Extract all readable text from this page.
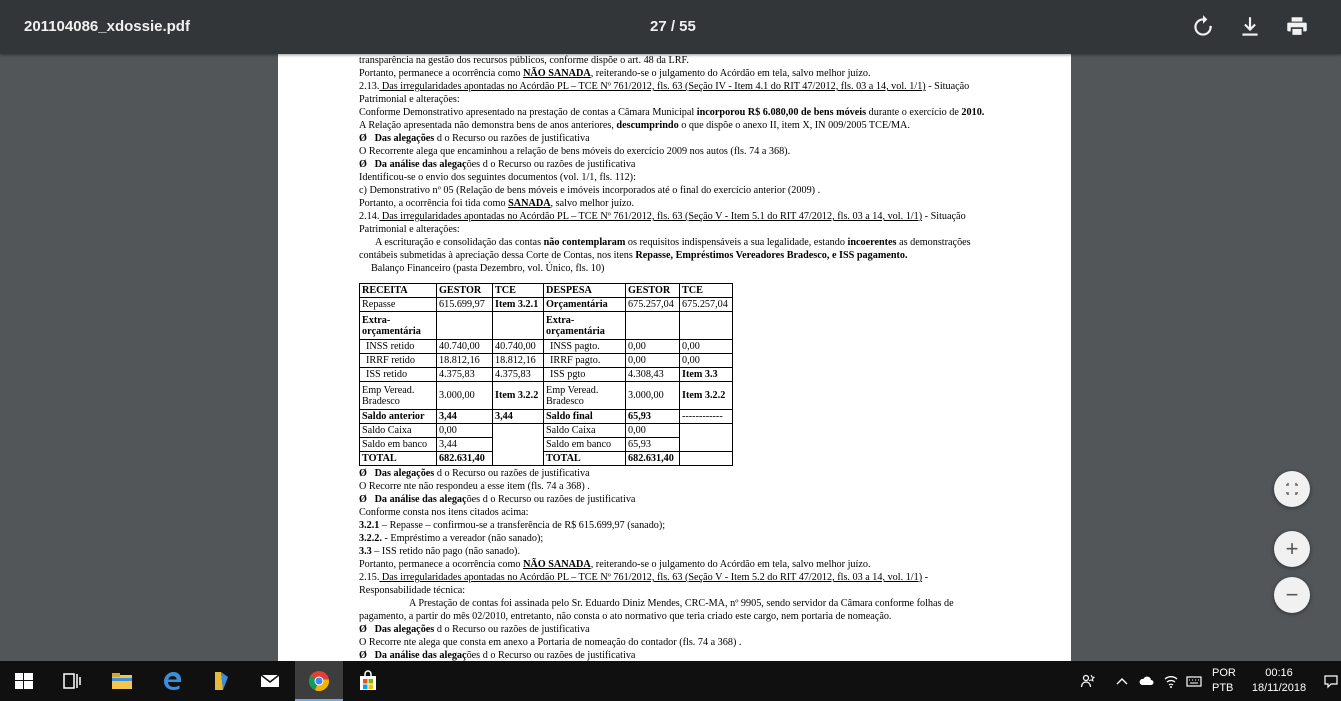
201104086_xdossie.pdf	27 / 55
transparência na gestão dos recursos públicos, conforme dispõe o art. 48 da LRF.
Portanto, permanece a ocorrência como NÃO SANADA, reiterando-se o julgamento do Acórdão em tela, salvo melhor juízo.
2.13. Das irregularidades apontadas no Acórdão PL – TCE Nº 761/2012, fls. 63 (Seção IV - Item 4.1 do RIT 47/2012, fls. 03 a 14, vol. 1/1) - Situação
Patrimonial e alterações:
Conforme Demonstrativo apresentado na prestação de contas a Câmara Municipal incorporou R$ 6.080,00 de bens móveis durante o exercício de 2010.
A Relação apresentada não demonstra bens de anos anteriores, descumprindo o que dispõe o anexo II, item X, IN 009/2005 TCE/MA.
Ø Das alegações d o Recurso ou razões de justificativa
O Recorrente alega que encaminhou a relação de bens móveis do exercício 2009 nos autos (fls. 74 a 368).
Ø Da análise das alegações d o Recurso ou razões de justificativa
Identificou-se o envio dos seguintes documentos (vol. 1/1, fls. 112):
c) Demonstrativo nº 05 (Relação de bens móveis e imóveis incorporados até o final do exercício anterior (2009) .
Portanto, a ocorrência foi tida como SANADA, salvo melhor juízo.
2.14. Das irregularidades apontadas no Acórdão PL – TCE Nº 761/2012, fls. 63 (Seção V - Item 5.1 do RIT 47/2012, fls. 03 a 14, vol. 1/1) - Situação
Patrimonial e alterações:
A escrituração e consolidação das contas não contemplaram os requisitos indispensáveis a sua legalidade, estando incoerentes as demonstrações
contábeis submetidas à apreciação dessa Corte de Contas, nos itens Repasse, Empréstimos Vereadores Bradesco, e ISS pagamento.
Balanço Financeiro (pasta Dezembro, vol. Único, fls. 10)
RECEITA	GESTOR	TCE	DESPESA	GESTOR	TCE
Repasse	615.699,97	Item 3.2.1	Orçamentária	675.257,04	675.257,04
Extra-orçamentária			Extra-orçamentária		
INSS retido	40.740,00	40.740,00	INSS pagto.	0,00	0,00
IRRF retido	18.812,16	18.812,16	IRRF pagto.	0,00	0,00
ISS retido	4.375,83	4.375,83	ISS pgto	4.308,43	Item 3.3
Emp Veread. Bradesco	3.000,00	Item 3.2.2	Emp Veread. Bradesco	3.000,00	Item 3.2.2
Saldo anterior	3,44	3,44	Saldo final	65,93	------------
Saldo Caixa	0,00		Saldo Caixa	0,00	
Saldo em banco	3,44		Saldo em banco	65,93	
TOTAL	682.631,40		TOTAL	682.631,40	
Ø Das alegações d o Recurso ou razões de justificativa
O Recorre nte não respondeu a esse item (fls. 74 a 368) .
Ø Da análise das alegações d o Recurso ou razões de justificativa
Conforme consta nos itens citados acima:
3.2.1 – Repasse – confirmou-se a transferência de R$ 615.699,97 (sanado);
3.2.2. - Empréstimo a vereador (não sanado);
3.3 – ISS retido não pago (não sanado).
Portanto, permanece a ocorrência como NÃO SANADA, reiterando-se o julgamento do Acórdão em tela, salvo melhor juízo.
2.15. Das irregularidades apontadas no Acórdão PL – TCE Nº 761/2012, fls. 63 (Seção V - Item 5.2 do RIT 47/2012, fls. 03 a 14, vol. 1/1) -
Responsabilidade técnica:
A Prestação de contas foi assinada pelo Sr. Eduardo Diniz Mendes, CRC-MA, nº 9905, sendo servidor da Câmara conforme folhas de
pagamento, a partir do mês 02/2010, entretanto, não consta o ato normativo que teria criado este cargo, nem portaria de nomeação.
Ø Das alegações d o Recurso ou razões de justificativa
O Recorre nte alega que consta em anexo a Portaria de nomeação do contador (fls. 74 a 368) .
Ø Da análise das alegações d o Recurso ou razões de justificativa
+
−
POR
PTB
00:16
18/11/2018
